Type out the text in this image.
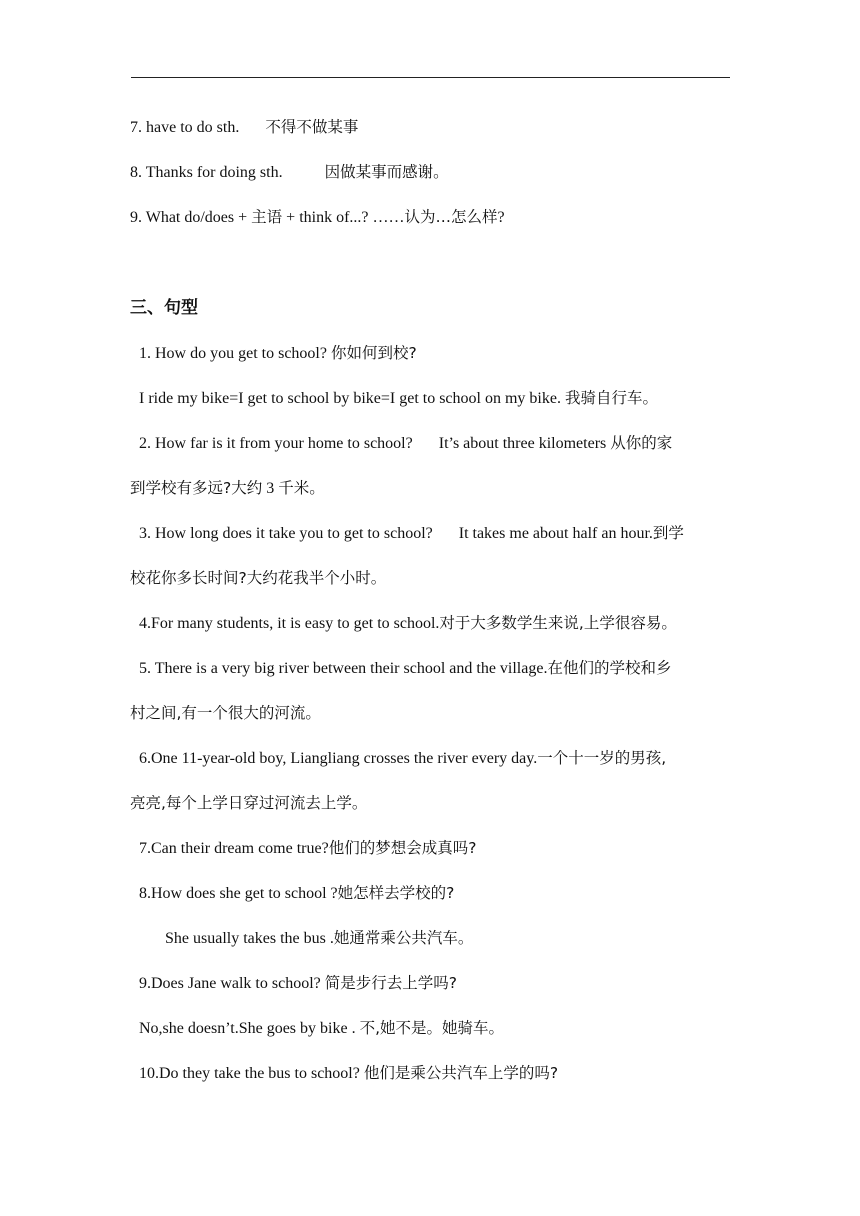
7. have to do sth. 不得不做某事
8. Thanks for doing sth.	因做某事而感谢。
9. What do/does + 主语 + think of...? ……认为…怎么样?
三、句型
1. How do you get to school? 你如何到校?
I ride my bike=I get to school by bike=I get to school on my bike. 我骑自行车。
2. How far is it from your home to school? It’s about three kilometers 从你的家
到学校有多远?大约 3 千米。
3. How long does it take you to get to school? It takes me about half an hour.到学
校花你多长时间?大约花我半个小时。
4.For many students, it is easy to get to school.对于大多数学生来说,上学很容易。
5. There is a very big river between their school and the village.在他们的学校和乡
村之间,有一个很大的河流。
6.One 11-year-old boy, Liangliang crosses the river every day.一个十一岁的男孩,
亮亮,每个上学日穿过河流去上学。
7.Can their dream come true?他们的梦想会成真吗?
8.How does she get to school ?她怎样去学校的?
She usually takes the bus .她通常乘公共汽车。
9.Does Jane walk to school? 简是步行去上学吗?
No,she doesn’t.She goes by bike . 不,她不是。她骑车。
10.Do they take the bus to school? 他们是乘公共汽车上学的吗?
